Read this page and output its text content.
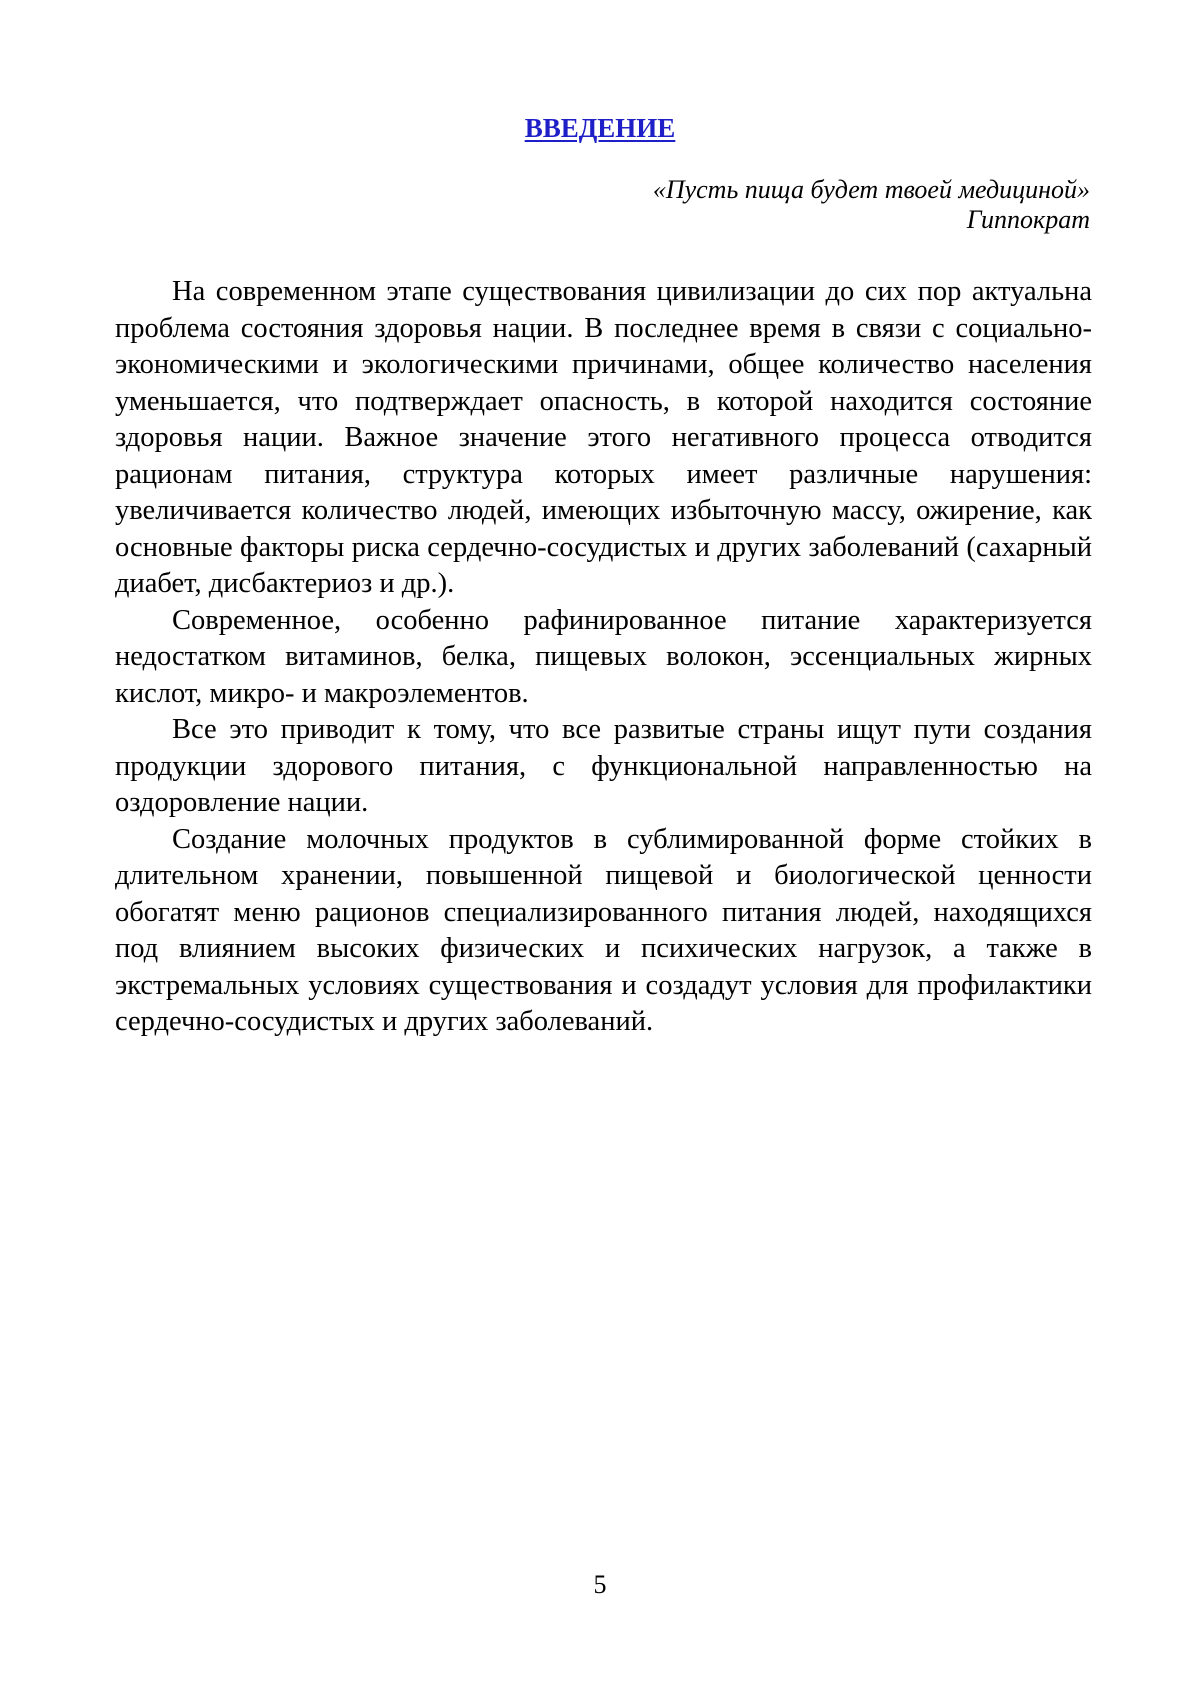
ВВЕДЕНИЕ
«Пусть пища будет твоей медициной»
Гиппократ

На современном этапе существования цивилизации до сих пор актуальна проблема состояния здоровья нации. В последнее время в связи с социально-экономическими и экологическими причинами, общее количество населения уменьшается, что подтверждает опасность, в которой находится состояние здоровья нации. Важное значение этого негативного процесса отводится рационам питания, структура которых имеет различные нарушения: увеличивается количество людей, имеющих избыточную массу, ожирение, как основные факторы риска сердечно-сосудистых и других заболеваний (сахарный диабет, дисбактериоз и др.).

Современное, особенно рафинированное питание характеризуется недостатком витаминов, белка, пищевых волокон, эссенциальных жирных кислот, микро- и макроэлементов.

Все это приводит к тому, что все развитые страны ищут пути создания продукции здорового питания, с функциональной направленностью на оздоровление нации.

Создание молочных продуктов в сублимированной форме стойких в длительном хранении, повышенной пищевой и биологической ценности обогатят меню рационов специализированного питания людей, находящихся под влиянием высоких физических и психических нагрузок, а также в экстремальных условиях существования и создадут условия для профилактики сердечно-сосудистых и других заболеваний.

5
